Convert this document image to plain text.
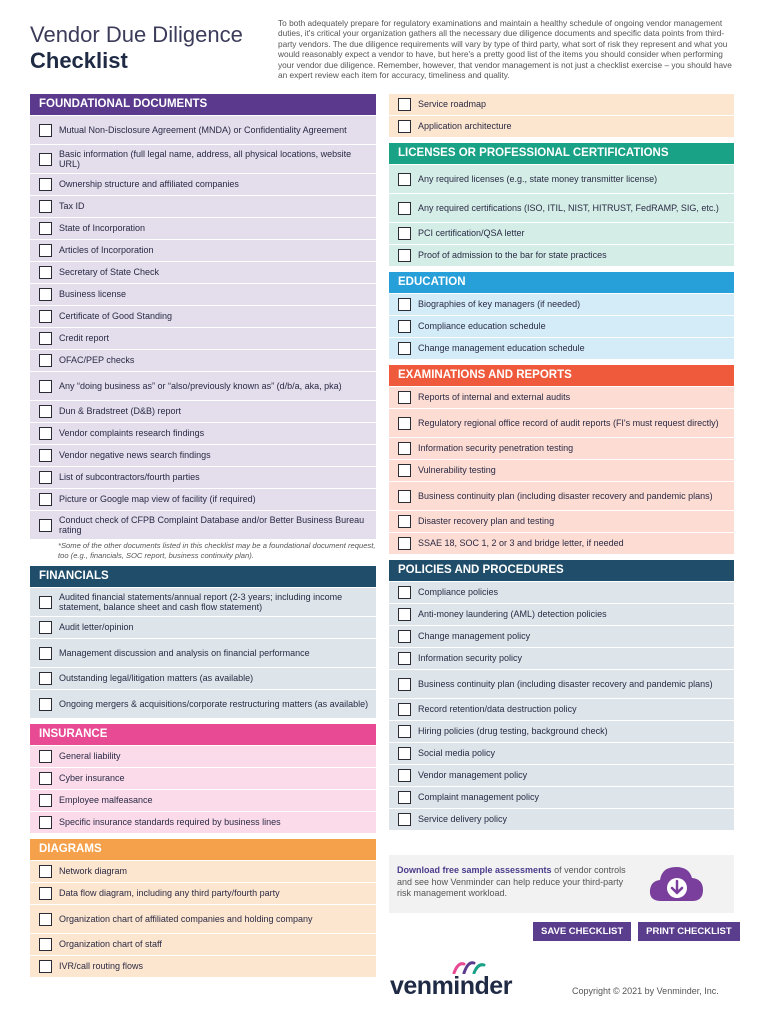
Vendor Due Diligence
Checklist
To both adequately prepare for regulatory examinations and maintain a healthy schedule of ongoing vendor management duties, it's critical your organization gathers all the necessary due diligence documents and specific data points from third-party vendors. The due diligence requirements will vary by type of third party, what sort of risk they represent and what you would reasonably expect a vendor to have, but here's a pretty good list of the items you should consider when performing your vendor due diligence. Remember, however, that vendor management is not just a checklist exercise – you should have an expert review each item for accuracy, timeliness and quality.
FOUNDATIONAL DOCUMENTS
Mutual Non-Disclosure Agreement (MNDA) or Confidentiality Agreement
Basic information (full legal name, address, all physical locations, website URL)
Ownership structure and affiliated companies
Tax ID
State of Incorporation
Articles of Incorporation
Secretary of State Check
Business license
Certificate of Good Standing
Credit report
OFAC/PEP checks
Any “doing business as” or “also/previously known as” (d/b/a, aka, pka)
Dun & Bradstreet (D&B) report
Vendor complaints research findings
Vendor negative news search findings
List of subcontractors/fourth parties
Picture or Google map view of facility (if required)
Conduct check of CFPB Complaint Database and/or Better Business Bureau rating
*Some of the other documents listed in this checklist may be a foundational document request, too (e.g., financials, SOC report, business continuity plan).
FINANCIALS
Audited financial statements/annual report (2-3 years; including income statement, balance sheet and cash flow statement)
Audit letter/opinion
Management discussion and analysis on financial performance
Outstanding legal/litigation matters (as available)
Ongoing mergers & acquisitions/corporate restructuring matters (as available)
INSURANCE
General liability
Cyber insurance
Employee malfeasance
Specific insurance standards required by business lines
DIAGRAMS
Network diagram
Data flow diagram, including any third party/fourth party
Organization chart of affiliated companies and holding company
Organization chart of staff
IVR/call routing flows
Service roadmap
Application architecture
LICENSES OR PROFESSIONAL CERTIFICATIONS
Any required licenses (e.g., state money transmitter license)
Any required certifications (ISO, ITIL, NIST, HITRUST, FedRAMP, SIG, etc.)
PCI certification/QSA letter
Proof of admission to the bar for state practices
EDUCATION
Biographies of key managers (if needed)
Compliance education schedule
Change management education schedule
EXAMINATIONS AND REPORTS
Reports of internal and external audits
Regulatory regional office record of audit reports (FI's must request directly)
Information security penetration testing
Vulnerability testing
Business continuity plan (including disaster recovery and pandemic plans)
Disaster recovery plan and testing
SSAE 18, SOC 1, 2 or 3 and bridge letter, if needed
POLICIES AND PROCEDURES
Compliance policies
Anti-money laundering (AML) detection policies
Change management policy
Information security policy
Business continuity plan (including disaster recovery and pandemic plans)
Record retention/data destruction policy
Hiring policies (drug testing, background check)
Social media policy
Vendor management policy
Complaint management policy
Service delivery policy
Download free sample assessments of vendor controls and see how Venminder can help reduce your third-party risk management workload.
SAVE CHECKLIST	PRINT CHECKLIST
venminder	Copyright © 2021 by Venminder, Inc.
